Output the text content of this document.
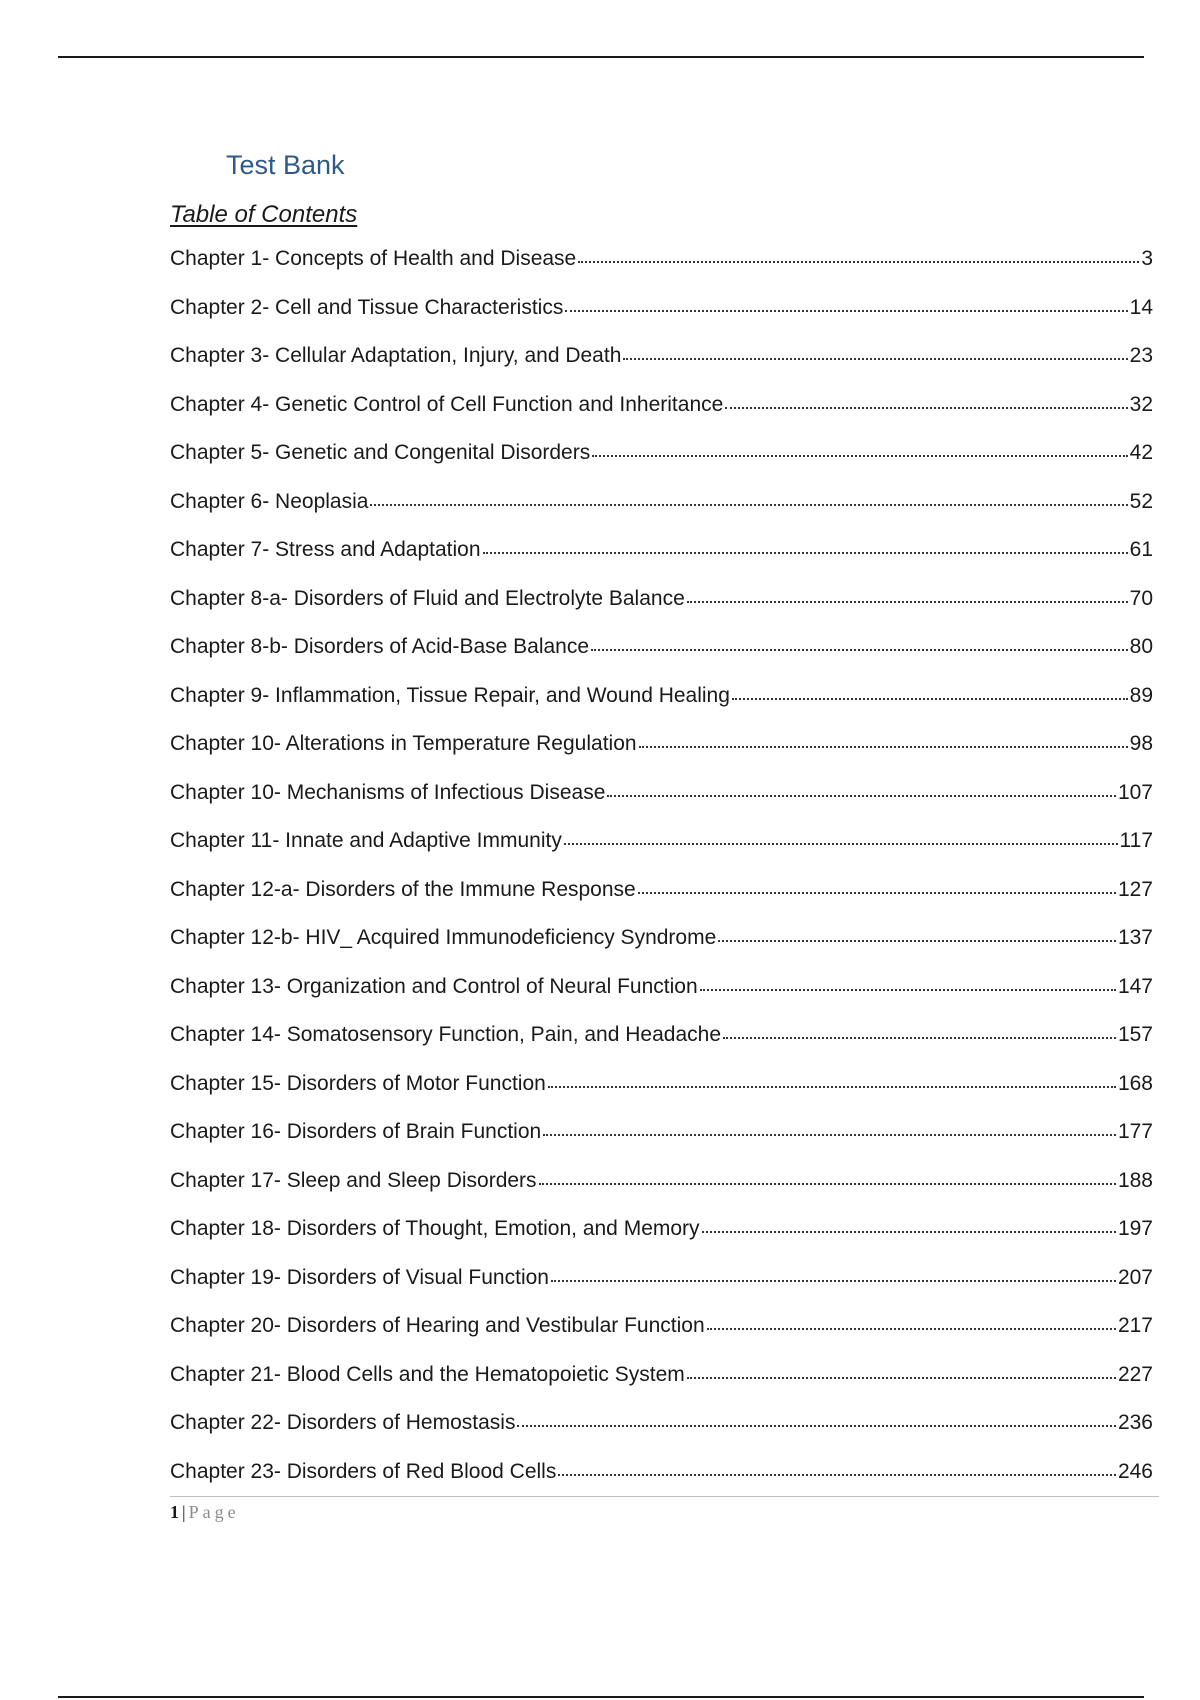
Test Bank
Table of Contents
Chapter 1- Concepts of Health and Disease	3
Chapter 2- Cell and Tissue Characteristics	14
Chapter 3- Cellular Adaptation, Injury, and Death	23
Chapter 4- Genetic Control of Cell Function and Inheritance	32
Chapter 5- Genetic and Congenital Disorders	42
Chapter 6- Neoplasia	52
Chapter 7- Stress and Adaptation	61
Chapter 8-a- Disorders of Fluid and Electrolyte Balance	70
Chapter 8-b- Disorders of Acid-Base Balance	80
Chapter 9- Inflammation, Tissue Repair, and Wound Healing	89
Chapter 10- Alterations in Temperature Regulation	98
Chapter 10- Mechanisms of Infectious Disease	107
Chapter 11- Innate and Adaptive Immunity	117
Chapter 12-a- Disorders of the Immune Response	127
Chapter 12-b- HIV_ Acquired Immunodeficiency Syndrome	137
Chapter 13- Organization and Control of Neural Function	147
Chapter 14- Somatosensory Function, Pain, and Headache	157
Chapter 15- Disorders of Motor Function	168
Chapter 16- Disorders of Brain Function	177
Chapter 17- Sleep and Sleep Disorders	188
Chapter 18- Disorders of Thought, Emotion, and Memory	197
Chapter 19- Disorders of Visual Function	207
Chapter 20- Disorders of Hearing and Vestibular Function	217
Chapter 21- Blood Cells and the Hematopoietic System	227
Chapter 22- Disorders of Hemostasis	236
Chapter 23- Disorders of Red Blood Cells	246
1 | Page
